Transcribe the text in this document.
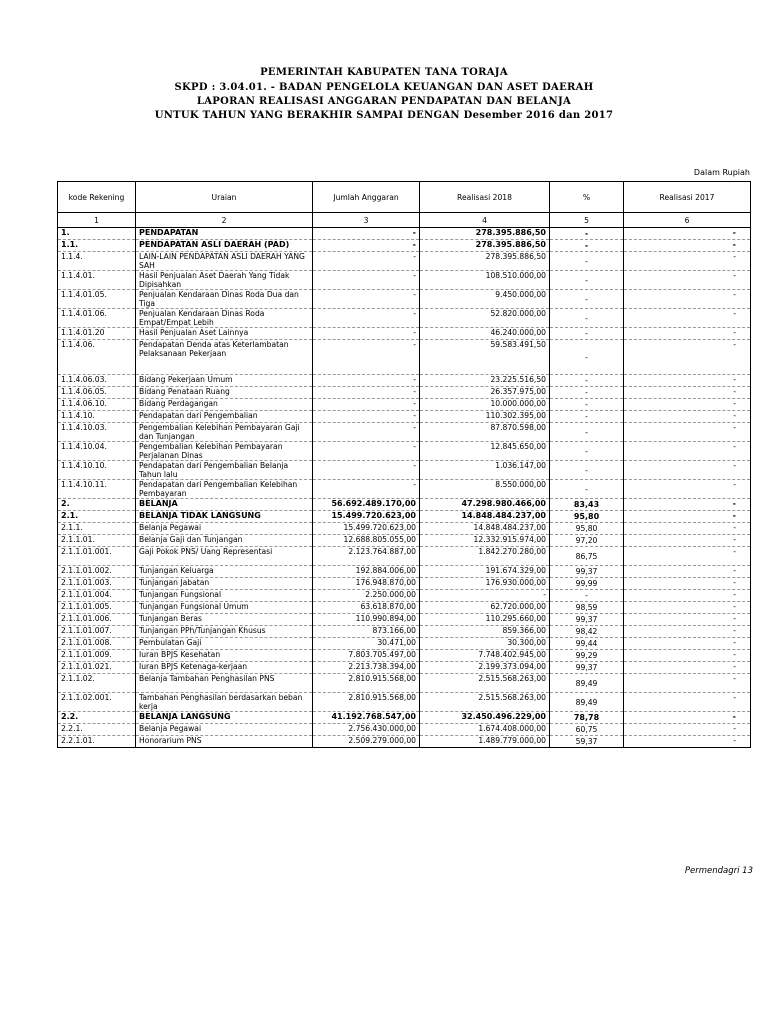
PEMERINTAH KABUPATEN TANA TORAJA
SKPD : 3.04.01. - BADAN PENGELOLA KEUANGAN DAN ASET DAERAH
LAPORAN REALISASI ANGGARAN PENDAPATAN DAN BELANJA
UNTUK TAHUN YANG BERAKHIR SAMPAI DENGAN Desember 2016 dan 2017
Dalam Rupiah
kode Rekening	Uraian	Jumlah Anggaran	Realisasi 2018	%	Realisasi 2017
1	2	3	4	5	6
1.	PENDAPATAN	-	278.395.886,50	-	-
1.1.	PENDAPATAN ASLI DAERAH (PAD)	-	278.395.886,50	-	-
1.1.4.	LAIN-LAIN PENDAPATAN ASLI DAERAH YANG SAH	-	278.395.886,50	-	-
1.1.4.01.	Hasil Penjualan Aset Daerah Yang Tidak Dipisahkan	-	108.510.000,00	-	-
1.1.4.01.05.	Penjualan Kendaraan Dinas Roda Dua dan Tiga	-	9.450.000,00	-	-
1.1.4.01.06.	Penjualan Kendaraan Dinas Roda Empat/Empat Lebih	-	52.820.000,00	-	-
1.1.4.01.20	Hasil Penjualan Aset Lainnya	-	46.240.000,00	-	-
1.1.4.06.	Pendapatan Denda atas Keterlambatan Pelaksanaan Pekerjaan	-	59.583.491,50	-	-
1.1.4.06.03.	Bidang Pekerjaan Umum	-	23.225.516,50	-	-
1.1.4.06.05.	Bidang Penataan Ruang	-	26.357.975,00	-	-
1.1.4.06.10.	Bidang Perdagangan	-	10.000.000,00	-	-
1.1.4.10.	Pendapatan dari Pengembalian	-	110.302.395,00	-	-
1.1.4.10.03.	Pengembalian Kelebihan Pembayaran Gaji dan Tunjangan	-	87.870.598,00	-	-
1.1.4.10.04.	Pengembalian Kelebihan Pembayaran Perjalanan Dinas	-	12.845.650,00	-	-
1.1.4.10.10.	Pendapatan dari Pengembalian Belanja Tahun lalu	-	1.036.147,00	-	-
1.1.4.10.11.	Pendapatan dari Pengembalian Kelebihan Pembayaran	-	8.550.000,00	-	-
2.	BELANJA	56.692.489.170,00	47.298.980.466,00	83,43	-
2.1.	BELANJA TIDAK LANGSUNG	15.499.720.623,00	14.848.484.237,00	95,80	-
2.1.1.	Belanja Pegawai	15.499.720.623,00	14.848.484.237,00	95,80	-
2.1.1.01.	Belanja Gaji dan Tunjangan	12.688.805.055,00	12.332.915.974,00	97,20	-
2.1.1.01.001.	Gaji Pokok PNS/ Uang Representasi	2.123.764.887,00	1.842.270.280,00	86,75	-
2.1.1.01.002.	Tunjangan Keluarga	192.884.006,00	191.674.329,00	99,37	-
2.1.1.01.003.	Tunjangan Jabatan	176.948.870,00	176.930.000,00	99,99	-
2.1.1.01.004.	Tunjangan Fungsional	2.250.000,00	-	-	-
2.1.1.01.005.	Tunjangan Fungsional Umum	63.618.870,00	62.720.000,00	98,59	-
2.1.1.01.006.	Tunjangan Beras	110.990.894,00	110.295.660,00	99,37	-
2.1.1.01.007.	Tunjangan PPh/Tunjangan Khusus	873.166,00	859.366,00	98,42	-
2.1.1.01.008.	Pembulatan Gaji	30.471,00	30.300,00	99,44	-
2.1.1.01.009.	Iuran BPJS Kesehatan	7.803.705.497,00	7.748.402.945,00	99,29	-
2.1.1.01.021.	Iuran BPJS Ketenaga-kerjaan	2.213.738.394,00	2.199.373.094,00	99,37	-
2.1.1.02.	Belanja Tambahan Penghasilan PNS	2.810.915.568,00	2.515.568.263,00	89,49	-
2.1.1.02.001.	Tambahan Penghasilan berdasarkan beban kerja	2.810.915.568,00	2.515.568.263,00	89,49	-
2.2.	BELANJA LANGSUNG	41.192.768.547,00	32.450.496.229,00	78,78	-
2.2.1.	Belanja Pegawai	2.756.430.000,00	1.674.408.000,00	60,75	-
2.2.1.01.	Honorarium PNS	2.509.279.000,00	1.489.779.000,00	59,37	-
Permendagri 13
